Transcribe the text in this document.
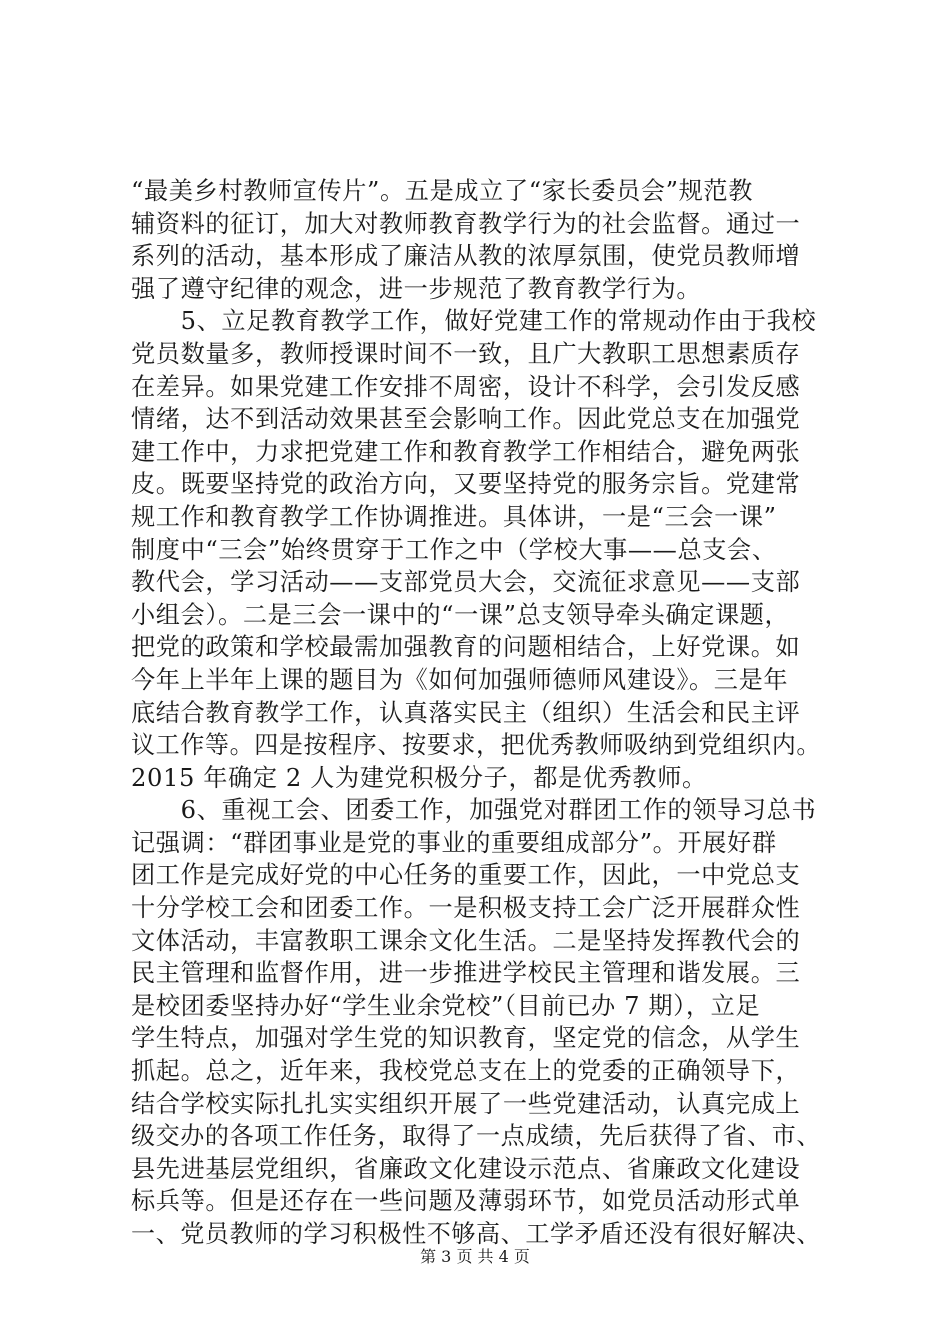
“最美乡村教师宣传片”。五是成立了“家长委员会”规范教
辅资料的征订，加大对教师教育教学行为的社会监督。通过一
系列的活动，基本形成了廉洁从教的浓厚氛围，使党员教师增
强了遵守纪律的观念，进一步规范了教育教学行为。
　　5、立足教育教学工作，做好党建工作的常规动作由于我校
党员数量多，教师授课时间不一致，且广大教职工思想素质存
在差异。如果党建工作安排不周密，设计不科学，会引发反感
情绪，达不到活动效果甚至会影响工作。因此党总支在加强党
建工作中，力求把党建工作和教育教学工作相结合，避免两张
皮。既要坚持党的政治方向，又要坚持党的服务宗旨。党建常
规工作和教育教学工作协调推进。具体讲，一是“三会一课”
制度中“三会”始终贯穿于工作之中（学校大事——总支会、
教代会，学习活动——支部党员大会，交流征求意见——支部
小组会）。二是三会一课中的“一课”总支领导牵头确定课题，
把党的政策和学校最需加强教育的问题相结合，上好党课。如
今年上半年上课的题目为《如何加强师德师风建设》。三是年
底结合教育教学工作，认真落实民主（组织）生活会和民主评
议工作等。四是按程序、按要求，把优秀教师吸纳到党组织内。
2015 年确定 2 人为建党积极分子，都是优秀教师。
　　6、重视工会、团委工作，加强党对群团工作的领导习总书
记强调：“群团事业是党的事业的重要组成部分”。开展好群
团工作是完成好党的中心任务的重要工作，因此，一中党总支
十分学校工会和团委工作。一是积极支持工会广泛开展群众性
文体活动，丰富教职工课余文化生活。二是坚持发挥教代会的
民主管理和监督作用，进一步推进学校民主管理和谐发展。三
是校团委坚持办好“学生业余党校”（目前已办 7 期），立足
学生特点，加强对学生党的知识教育，坚定党的信念，从学生
抓起。总之，近年来，我校党总支在上的党委的正确领导下，
结合学校实际扎扎实实组织开展了一些党建活动，认真完成上
级交办的各项工作任务，取得了一点成绩，先后获得了省、市、
县先进基层党组织，省廉政文化建设示范点、省廉政文化建设
标兵等。但是还存在一些问题及薄弱环节，如党员活动形式单
一、党员教师的学习积极性不够高、工学矛盾还没有很好解决、
第 3 页 共 4 页
